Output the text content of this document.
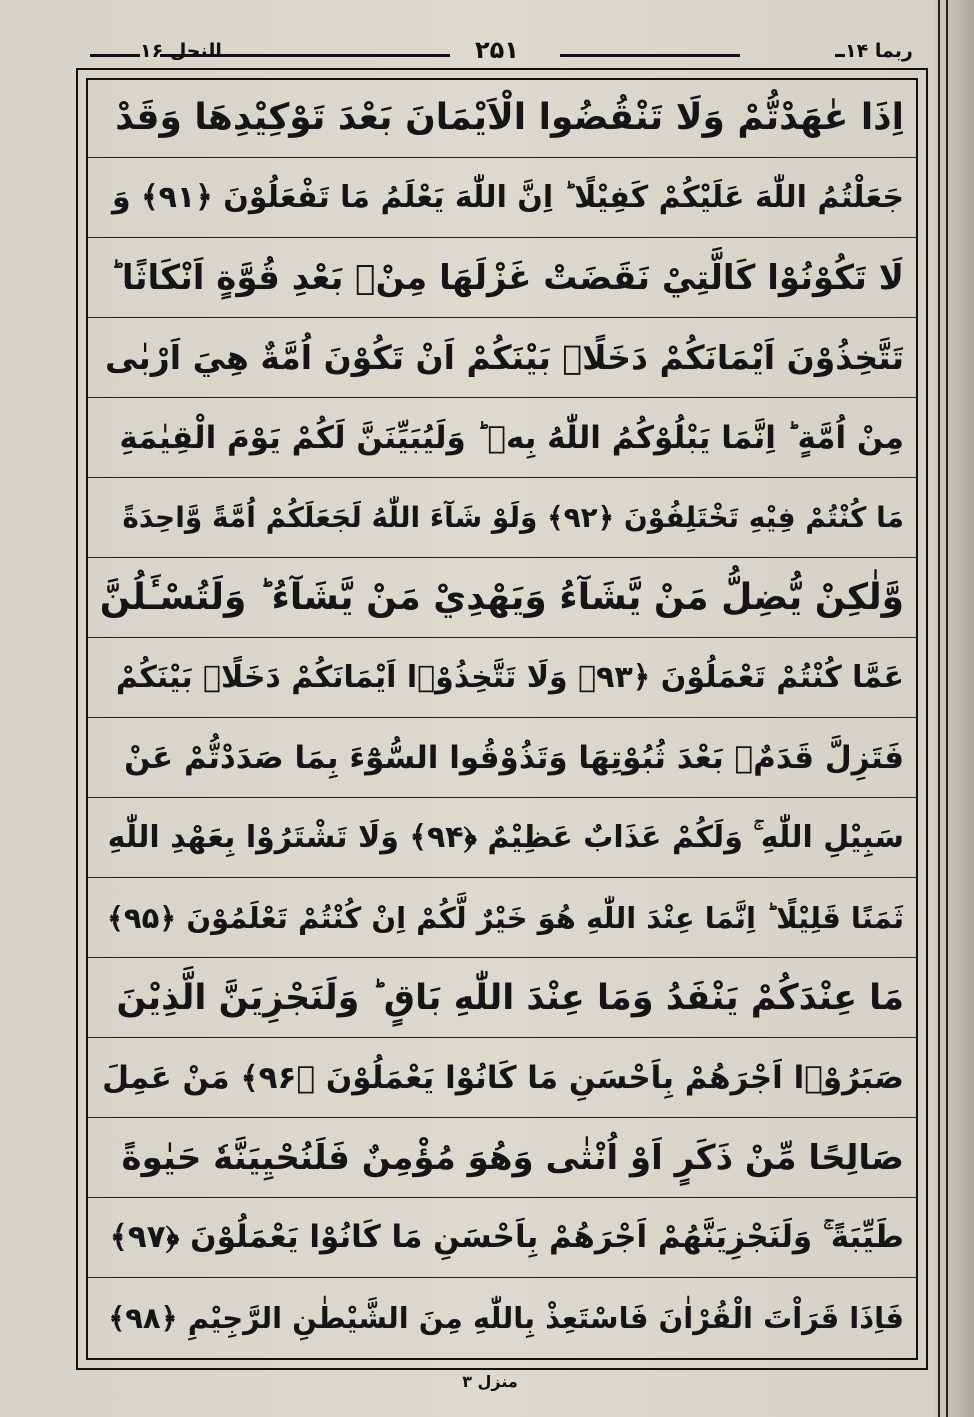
النحل ۱۶	۲۵۱	ربما ۱۴
اِذَا عٰهَدْتُّمْ وَلَا تَنْقُضُوا الْاَيْمَانَ بَعْدَ تَوْكِيْدِهَا وَقَدْ
جَعَلْتُمُ اللّٰهَ عَلَيْكُمْ كَفِيْلًا ؕ اِنَّ اللّٰهَ يَعْلَمُ مَا تَفْعَلُوْنَ ﴿۹۱﴾ وَ
لَا تَكُوْنُوْا كَالَّتِيْ نَقَضَتْ غَزْلَهَا مِنْۢ بَعْدِ قُوَّةٍ اَنْكَاثًا ؕ
تَتَّخِذُوْنَ اَيْمَانَكُمْ دَخَلًاۢ بَيْنَكُمْ اَنْ تَكُوْنَ اُمَّةٌ هِيَ اَرْبٰى
مِنْ اُمَّةٍ ؕ اِنَّمَا يَبْلُوْكُمُ اللّٰهُ بِهٖ ؕ وَلَيُبَيِّنَنَّ لَكُمْ يَوْمَ الْقِيٰمَةِ
مَا كُنْتُمْ فِيْهِ تَخْتَلِفُوْنَ ﴿۹۲﴾ وَلَوْ شَآءَ اللّٰهُ لَجَعَلَكُمْ اُمَّةً وَّاحِدَةً
وَّلٰكِنْ يُّضِلُّ مَنْ يَّشَآءُ وَيَهْدِيْ مَنْ يَّشَآءُ ؕ وَلَتُسْـَٔلُنَّ
عَمَّا كُنْتُمْ تَعْمَلُوْنَ ﴿۹۳﴾ وَلَا تَتَّخِذُوْۤا اَيْمَانَكُمْ دَخَلًاۢ بَيْنَكُمْ
فَتَزِلَّ قَدَمٌۢ بَعْدَ ثُبُوْتِهَا وَتَذُوْقُوا السُّوْٓءَ بِمَا صَدَدْتُّمْ عَنْ
سَبِيْلِ اللّٰهِ ۚ وَلَكُمْ عَذَابٌ عَظِيْمٌ ﴿۹۴﴾ وَلَا تَشْتَرُوْا بِعَهْدِ اللّٰهِ
ثَمَنًا قَلِيْلًا ؕ اِنَّمَا عِنْدَ اللّٰهِ هُوَ خَيْرٌ لَّكُمْ اِنْ كُنْتُمْ تَعْلَمُوْنَ ﴿۹۵﴾
مَا عِنْدَكُمْ يَنْفَدُ وَمَا عِنْدَ اللّٰهِ بَاقٍ ؕ وَلَنَجْزِيَنَّ الَّذِيْنَ
صَبَرُوْۤا اَجْرَهُمْ بِاَحْسَنِ مَا كَانُوْا يَعْمَلُوْنَ ﴿۹۶﴾ مَنْ عَمِلَ
صَالِحًا مِّنْ ذَكَرٍ اَوْ اُنْثٰى وَهُوَ مُؤْمِنٌ فَلَنُحْيِيَنَّهٗ حَيٰوةً
طَيِّبَةً ۚ وَلَنَجْزِيَنَّهُمْ اَجْرَهُمْ بِاَحْسَنِ مَا كَانُوْا يَعْمَلُوْنَ ﴿۹۷﴾
فَاِذَا قَرَاْتَ الْقُرْاٰنَ فَاسْتَعِذْ بِاللّٰهِ مِنَ الشَّيْطٰنِ الرَّجِيْمِ ﴿۹۸﴾
منزل ۳
